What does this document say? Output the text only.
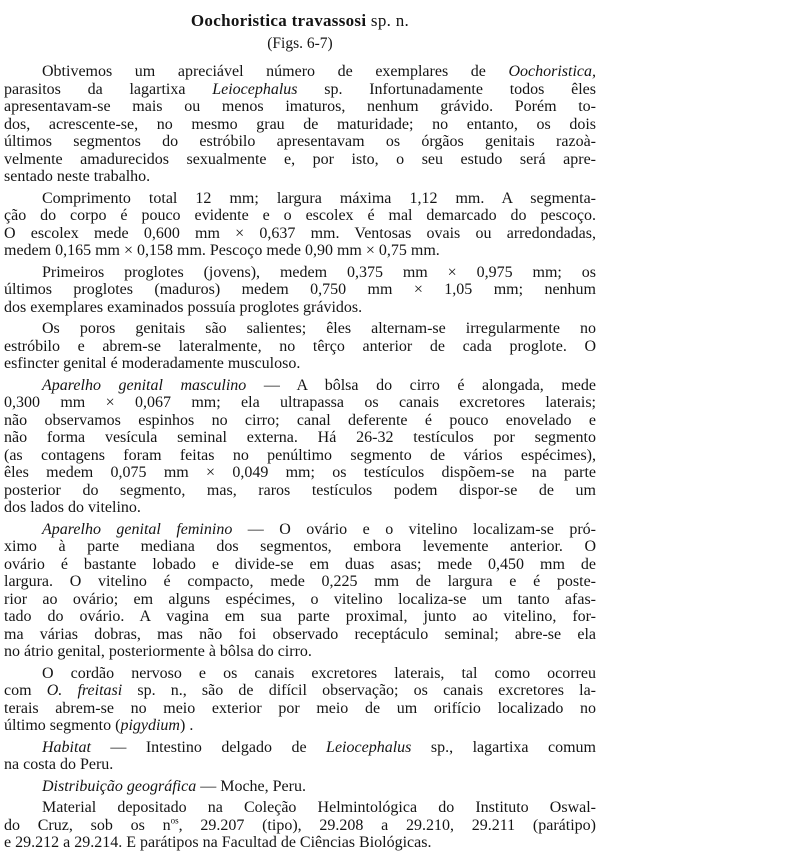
Oochoristica travassosi sp. n.
(Figs. 6-7)

Obtivemos um apreciável número de exemplares de Oochoristica,
parasitos da lagartixa Leiocephalus sp. Infortunadamente todos êles
apresentavam-se mais ou menos imaturos, nenhum grávido. Porém to-
dos, acrescente-se, no mesmo grau de maturidade; no entanto, os dois
últimos segmentos do estróbilo apresentavam os órgãos genitais razoà-
velmente amadurecidos sexualmente e, por isto, o seu estudo será apre-
sentado neste trabalho.

Comprimento total 12 mm; largura máxima 1,12 mm. A segmenta-
ção do corpo é pouco evidente e o escolex é mal demarcado do pescoço.
O escolex mede 0,600 mm × 0,637 mm. Ventosas ovais ou arredondadas,
medem 0,165 mm × 0,158 mm. Pescoço mede 0,90 mm × 0,75 mm.

Primeiros proglotes (jovens), medem 0,375 mm × 0,975 mm; os
últimos proglotes (maduros) medem 0,750 mm × 1,05 mm; nenhum
dos exemplares examinados possuía proglotes grávidos.

Os poros genitais são salientes; êles alternam-se irregularmente no
estróbilo e abrem-se lateralmente, no têrço anterior de cada proglote. O
esfincter genital é moderadamente musculoso.

Aparelho genital masculino — A bôlsa do cirro é alongada, mede
0,300 mm × 0,067 mm; ela ultrapassa os canais excretores laterais;
não observamos espinhos no cirro; canal deferente é pouco enovelado e
não forma vesícula seminal externa. Há 26-32 testículos por segmento
(as contagens foram feitas no penúltimo segmento de vários espécimes),
êles medem 0,075 mm × 0,049 mm; os testículos dispõem-se na parte
posterior do segmento, mas, raros testículos podem dispor-se de um
dos lados do vitelino.

Aparelho genital feminino — O ovário e o vitelino localizam-se pró-
ximo à parte mediana dos segmentos, embora levemente anterior. O
ovário é bastante lobado e divide-se em duas asas; mede 0,450 mm de
largura. O vitelino é compacto, mede 0,225 mm de largura e é poste-
rior ao ovário; em alguns espécimes, o vitelino localiza-se um tanto afas-
tado do ovário. A vagina em sua parte proximal, junto ao vitelino, for-
ma várias dobras, mas não foi observado receptáculo seminal; abre-se ela
no átrio genital, posteriormente à bôlsa do cirro.

O cordão nervoso e os canais excretores laterais, tal como ocorreu
com O. freitasi sp. n., são de difícil observação; os canais excretores la-
terais abrem-se no meio exterior por meio de um orifício localizado no
último segmento (pigydium) .

Habitat — Intestino delgado de Leiocephalus sp., lagartixa comum
na costa do Peru.

Distribuição geográfica — Moche, Peru.

Material depositado na Coleção Helmintológica do Instituto Oswal-
do Cruz, sob os $n^{os}$, 29.207 (tipo), 29.208 a 29.210, 29.211 (parátipo)
e 29.212 a 29.214. E parátipos na Facultad de Ciências Biológicas.
